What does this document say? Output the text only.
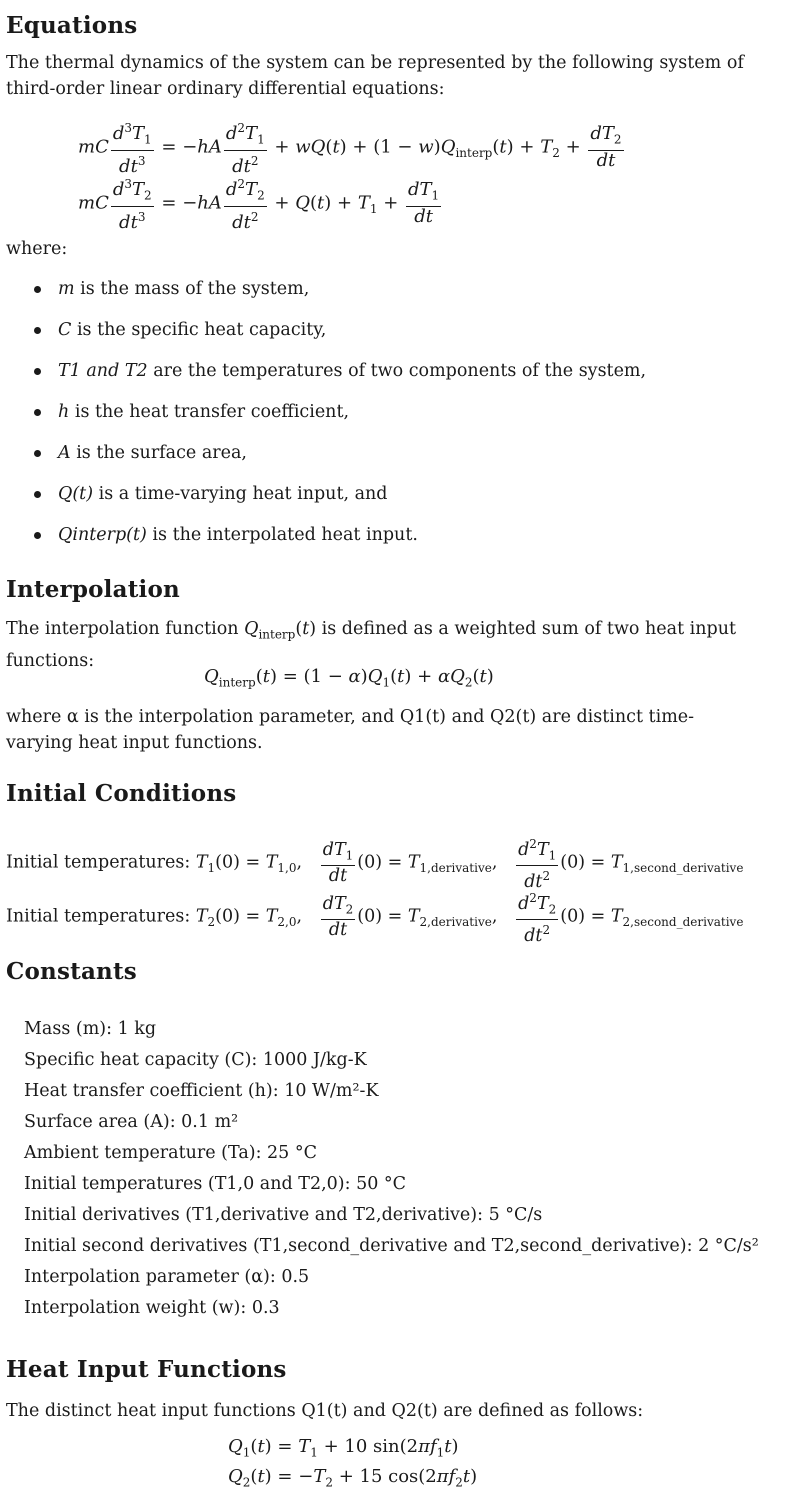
Equations

The thermal dynamics of the system can be represented by the following system of third-order linear ordinary differential equations:

mC $\frac{d^3T_1}{dt^3} = -hA \frac{d^2T_1}{dt^2} + wQ(t) + (1 - w)Q_{interp}(t) + T_2 + \frac{dT_2}{dt}$
mC $\frac{d^3T_2}{dt^3} = -hA \frac{d^2T_2}{dt^2} + Q(t) + T_1 + \frac{dT_1}{dt}$

where:

m is the mass of the system,
C is the specific heat capacity,
T1 and T2 are the temperatures of two components of the system,
h is the heat transfer coefficient,
A is the surface area,
Q(t) is a time-varying heat input, and
Qinterp(t) is the interpolated heat input.
Interpolation

The interpolation function $Q_{interp}(t)$ is defined as a weighted sum of two heat input functions:

$Q_{interp}(t) = (1 - \alpha)Q_1(t) + \alpha Q_2(t)$

where α is the interpolation parameter, and Q1(t) and Q2(t) are distinct time-varying heat input functions.

Initial Conditions
Initial temperatures: $T_1(0) = T_{1,0}$, $\frac{dT_1}{dt} (0) = T_{1,derivative}$, $\frac{d^2T_1}{dt^2} (0) = T_{1,second\_derivative}$
Initial temperatures: $T_2(0) = T_{2,0}$, $\frac{dT_2}{dt} (0) = T_{2,derivative}$, $\frac{d^2T_2}{dt^2} (0) = T_{2,second\_derivative}$
Constants
Mass (m): 1 kg
Specific heat capacity (C): 1000 J/kg-K
Heat transfer coefficient (h): 10 W/m²-K
Surface area (A): 0.1 m²
Ambient temperature (Ta): 25 °C
Initial temperatures (T1,0 and T2,0): 50 °C
Initial derivatives (T1,derivative and T2,derivative): 5 °C/s
Initial second derivatives (T1,second_derivative and T2,second_derivative): 2 °C/s²
Interpolation parameter (α): 0.5
Interpolation weight (w): 0.3
Heat Input Functions

The distinct heat input functions Q1(t) and Q2(t) are defined as follows:

$Q_1(t) = T_1 + 10$ $\sin(2\pi f_1t)$
$Q_2(t) = -T_2 + 15$ $\cos(2\pi f_2t)$
